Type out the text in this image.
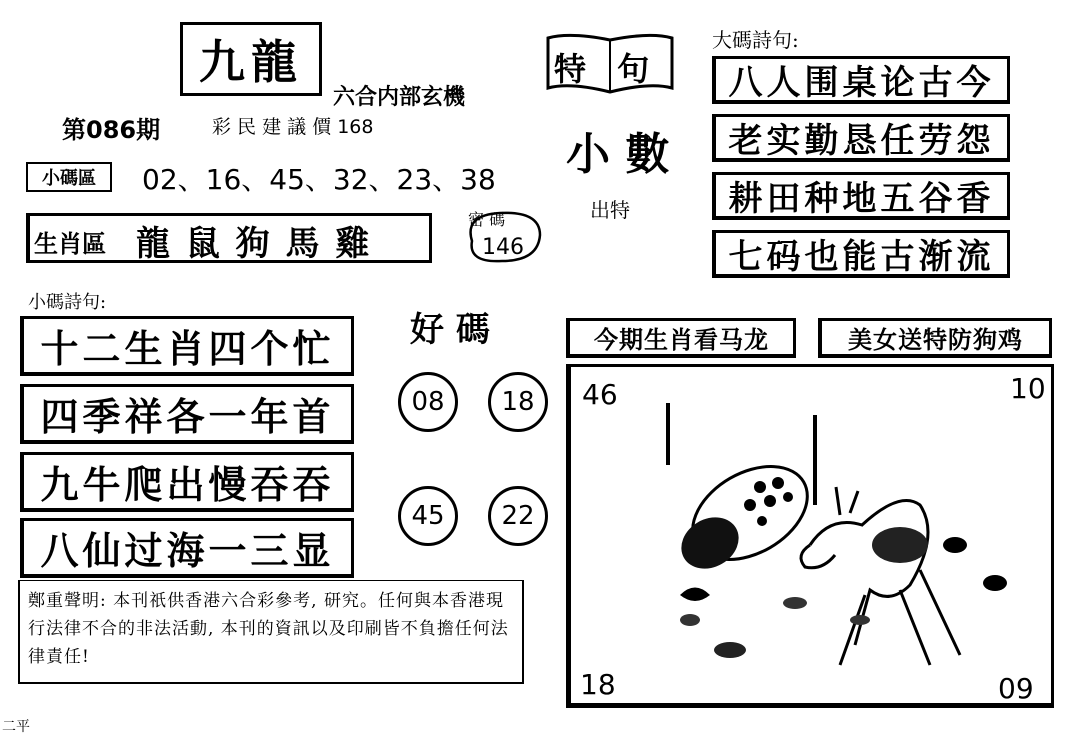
九龍
六合内部玄機
第086期	彩 民 建 議 價 168
小碼區 02、16、45、32、23、38
生肖區 龍 鼠 狗 馬 雞
密 碼
146
小碼詩句:
十二生肖四个忙
四季祥各一年首
九牛爬出慢吞吞
八仙过海一三显
好 碼
08 18
45 22
特 句
小 數
出特
大碼詩句:
八人围桌论古今
老实勤恳任劳怨
耕田种地五谷香
七码也能古渐流
今期生肖看马龙	美女送特防狗鸡
46	10
18	09
鄭重聲明: 本刊祇供香港六合彩參考, 研究。任何與本香港現行法律不合的非法活動, 本刊的資訊以及印刷皆不負擔任何法律責任!
二平
